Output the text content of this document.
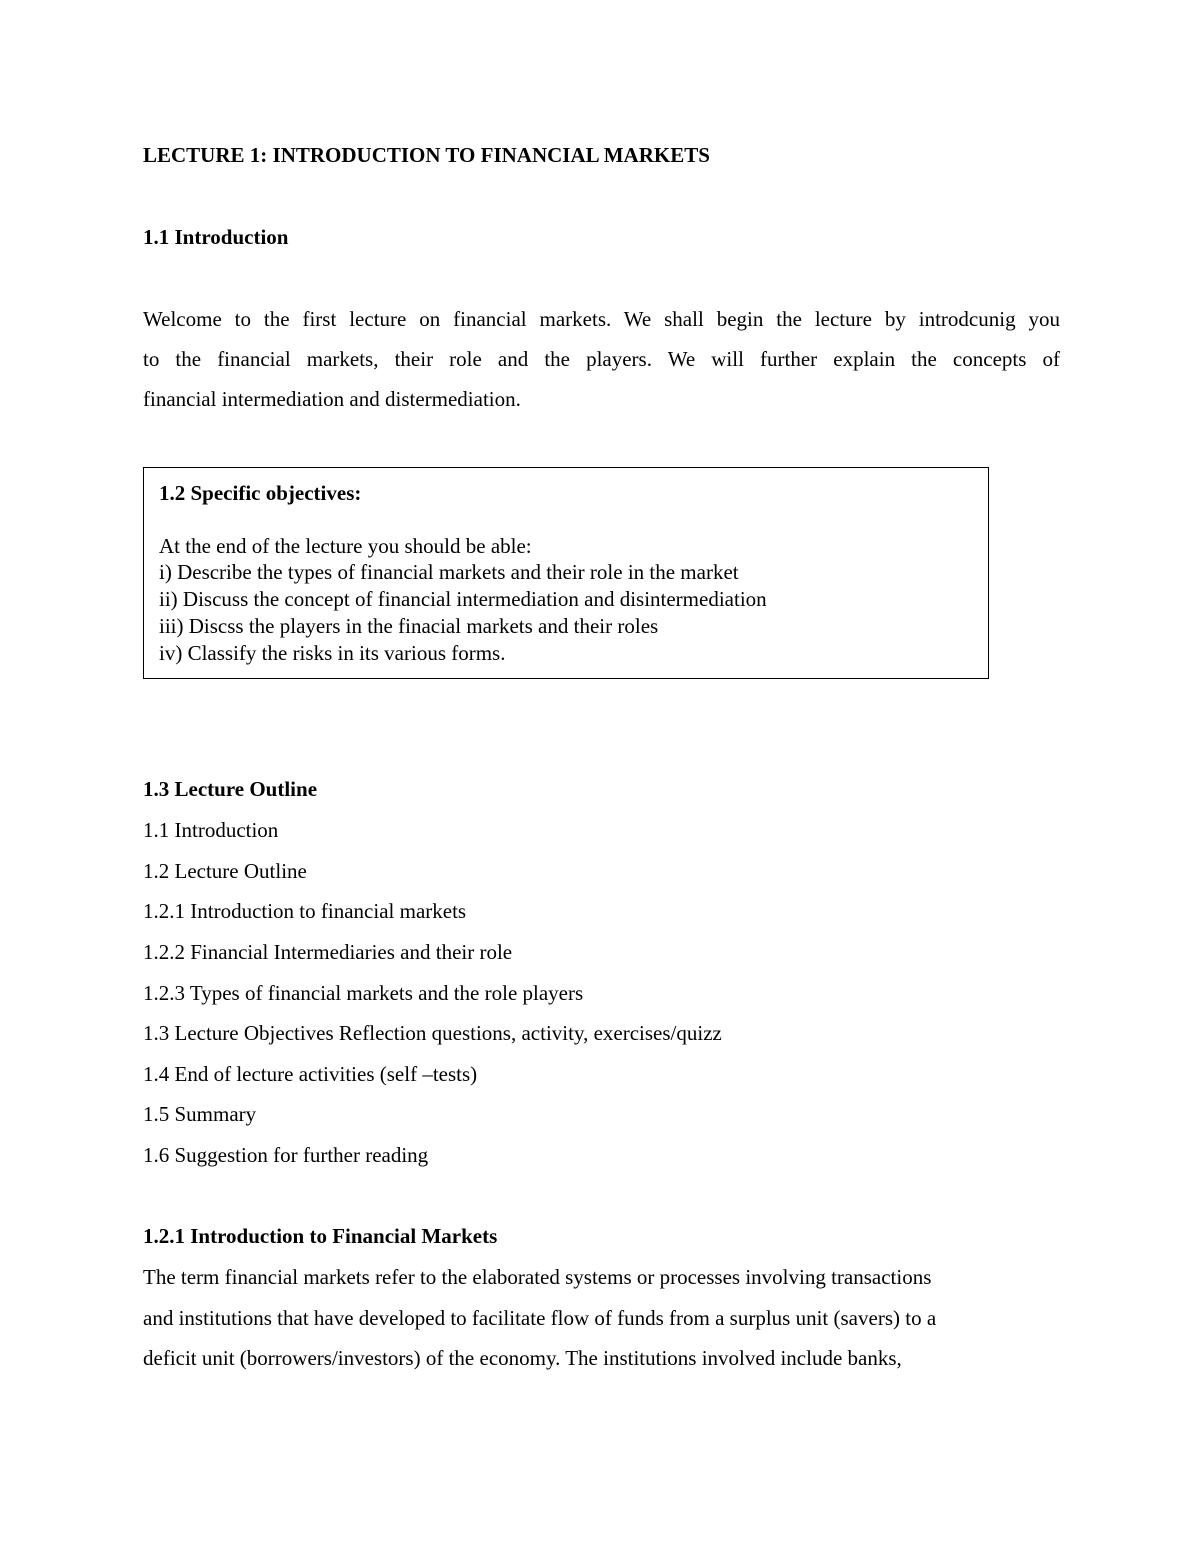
LECTURE 1: INTRODUCTION TO FINANCIAL MARKETS
1.1 Introduction
Welcome to the first lecture on financial markets. We shall begin the lecture by introdcunig you
to the financial markets, their role and the players. We will further explain the concepts of
financial intermediation and distermediation.
1.2 Specific objectives:
At the end of the lecture you should be able:
i) Describe the types of financial markets and their role in the market
ii) Discuss the concept of financial intermediation and disintermediation
iii) Discss the players in the finacial markets and their roles
iv) Classify the risks in its various forms.
1.3 Lecture Outline
1.1 Introduction
1.2 Lecture Outline
1.2.1 Introduction to financial markets
1.2.2 Financial Intermediaries and their role
1.2.3 Types of financial markets and the role players
1.3 Lecture Objectives Reflection questions, activity, exercises/quizz
1.4 End of lecture activities (self –tests)
1.5 Summary
1.6 Suggestion for further reading
1.2.1 Introduction to Financial Markets
The term financial markets refer to the elaborated systems or processes involving transactions
and institutions that have developed to facilitate flow of funds from a surplus unit (savers) to a
deficit unit (borrowers/investors) of the economy. The institutions involved include banks,
